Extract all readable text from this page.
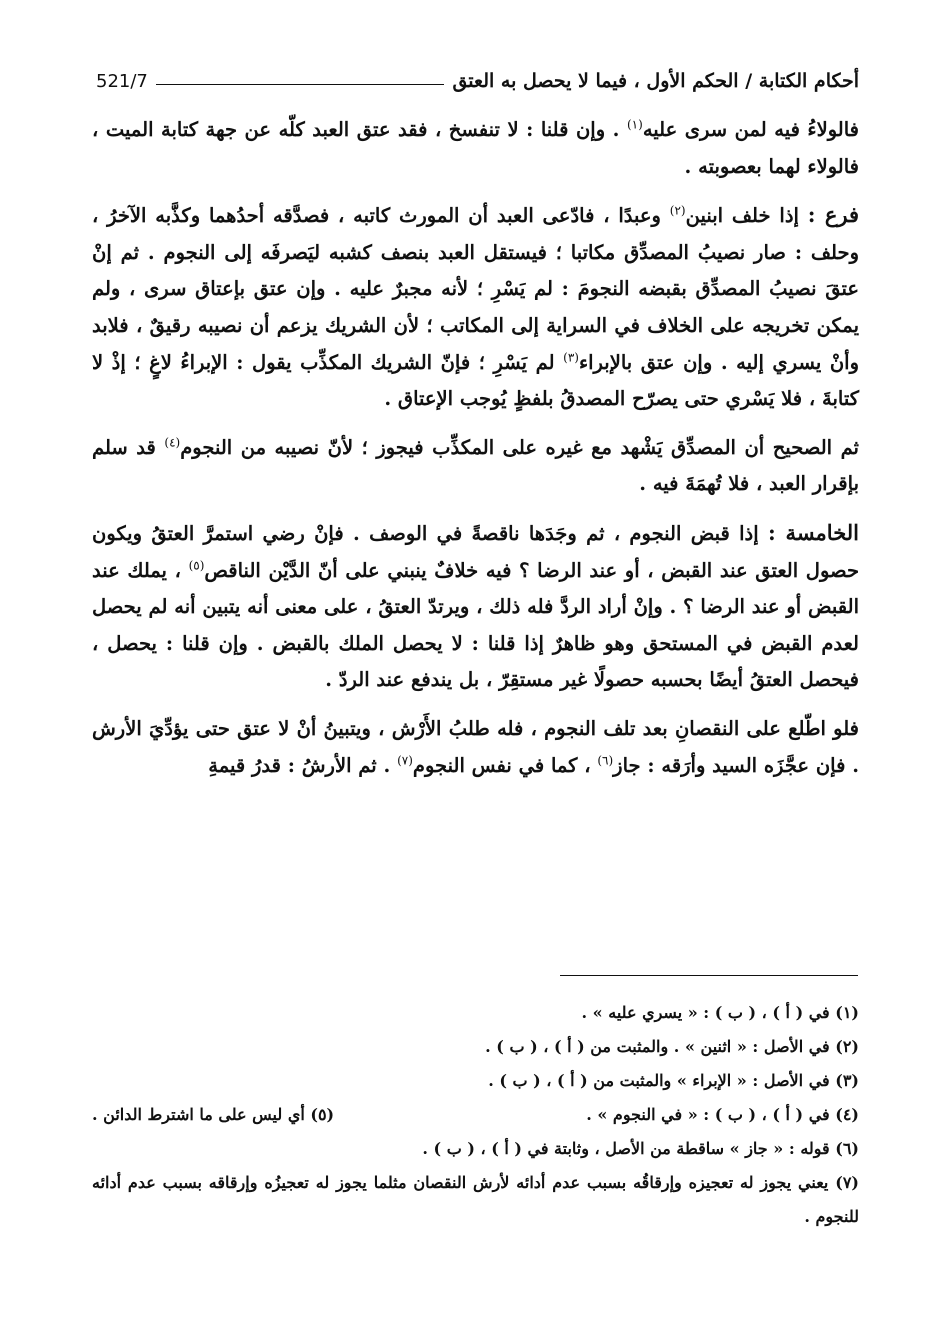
أحكام الكتابة / الحكم الأول ، فيما لا يحصل به العتق
521/7

فالولاءُ فيه لمن سرى عليه$^{(١)}$ . وإن قلنا : لا تنفسخ ، فقد عتق العبد كلّه عن جهة كتابة الميت ، فالولاء لهما بعصوبته .

فرع : إذا خلف ابنين$^{(٢)}$ وعبدًا ، فادّعى العبد أن المورث كاتبه ، فصدَّقه أحدُهما وكذَّبه الآخرُ ، وحلف : صار نصيبُ المصدِّق مكاتبا ؛ فيستقل العبد بنصف كشبه ليَصرفَه إلى النجوم . ثم إنْ عتقَ نصيبُ المصدِّق بقبضه النجومَ : لم يَسْرِ ؛ لأنه مجبرٌ عليه . وإن عتق بإعتاق سرى ، ولم يمكن تخريجه على الخلاف في السراية إلى المكاتب ؛ لأن الشريك يزعم أن نصيبه رقيقٌ ، فلابد وأنْ يسري إليه . وإن عتق بالإبراء$^{(٣)}$ لم يَسْرِ ؛ فإنّ الشريك المكذِّب يقول : الإبراءُ لاغٍ ؛ إذْ لا كتابةَ ، فلا يَسْري حتى يصرّح المصدقُ بلفظٍ يُوجب الإعتاق .

ثم الصحيح أن المصدِّق يَشْهد مع غيره على المكذِّب فيجوز ؛ لأنّ نصيبه من النجوم$^{(٤)}$ قد سلم بإقرار العبد ، فلا تُهمَةَ فيه .

الخامسة : إذا قبض النجوم ، ثم وجَدَها ناقصةً في الوصف . فإنْ رضي استمرَّ العتقُ ويكون حصول العتق عند القبض ، أو عند الرضا ؟ فيه خلافٌ ينبني على أنّ الدَّيْن الناقص$^{(٥)}$ ، يملك عند القبض أو عند الرضا ؟ . وإنْ أراد الردَّ فله ذلك ، ويرتدّ العتقُ ، على معنى أنه يتبين أنه لم يحصل لعدم القبض في المستحق وهو ظاهرٌ إذا قلنا : لا يحصل الملك بالقبض . وإن قلنا : يحصل ، فيحصل العتقُ أيضًا بحسبه حصولًا غير مستقِرّ ، بل يندفع عند الردّ .

فلو اطّلع على النقصانِ بعد تلف النجوم ، فله طلبُ الأَرْش ، ويتبينُ أنْ لا عتق حتى يؤدِّيَ الأرش . فإن عجَّزَه السيد وأرَقه : جاز$^{(٦)}$ ، كما في نفس النجوم$^{(٧)}$ . ثم الأرشُ : قدرُ قيمةِ

(١) في ( أ ) ، ( ب ) : « يسري عليه » .
(٢) في الأصل : « اثنين » . والمثبت من ( أ ) ، ( ب ) .
(٣) في الأصل : « الإبراء » والمثبت من ( أ ) ، ( ب ) .
(٤) في ( أ ) ، ( ب ) : « في النجوم » .
(٥) أي ليس على ما اشترط الدائن .
(٦) قوله : « جاز » ساقطة من الأصل ، وثابتة في ( أ ) ، ( ب ) .
(٧) يعني يجوز له تعجيزه وإرقاقُه بسبب عدم أدائه لأرش النقصان مثلما يجوز له تعجيزُه وإرقاقه بسبب عدم أدائه للنجوم .
